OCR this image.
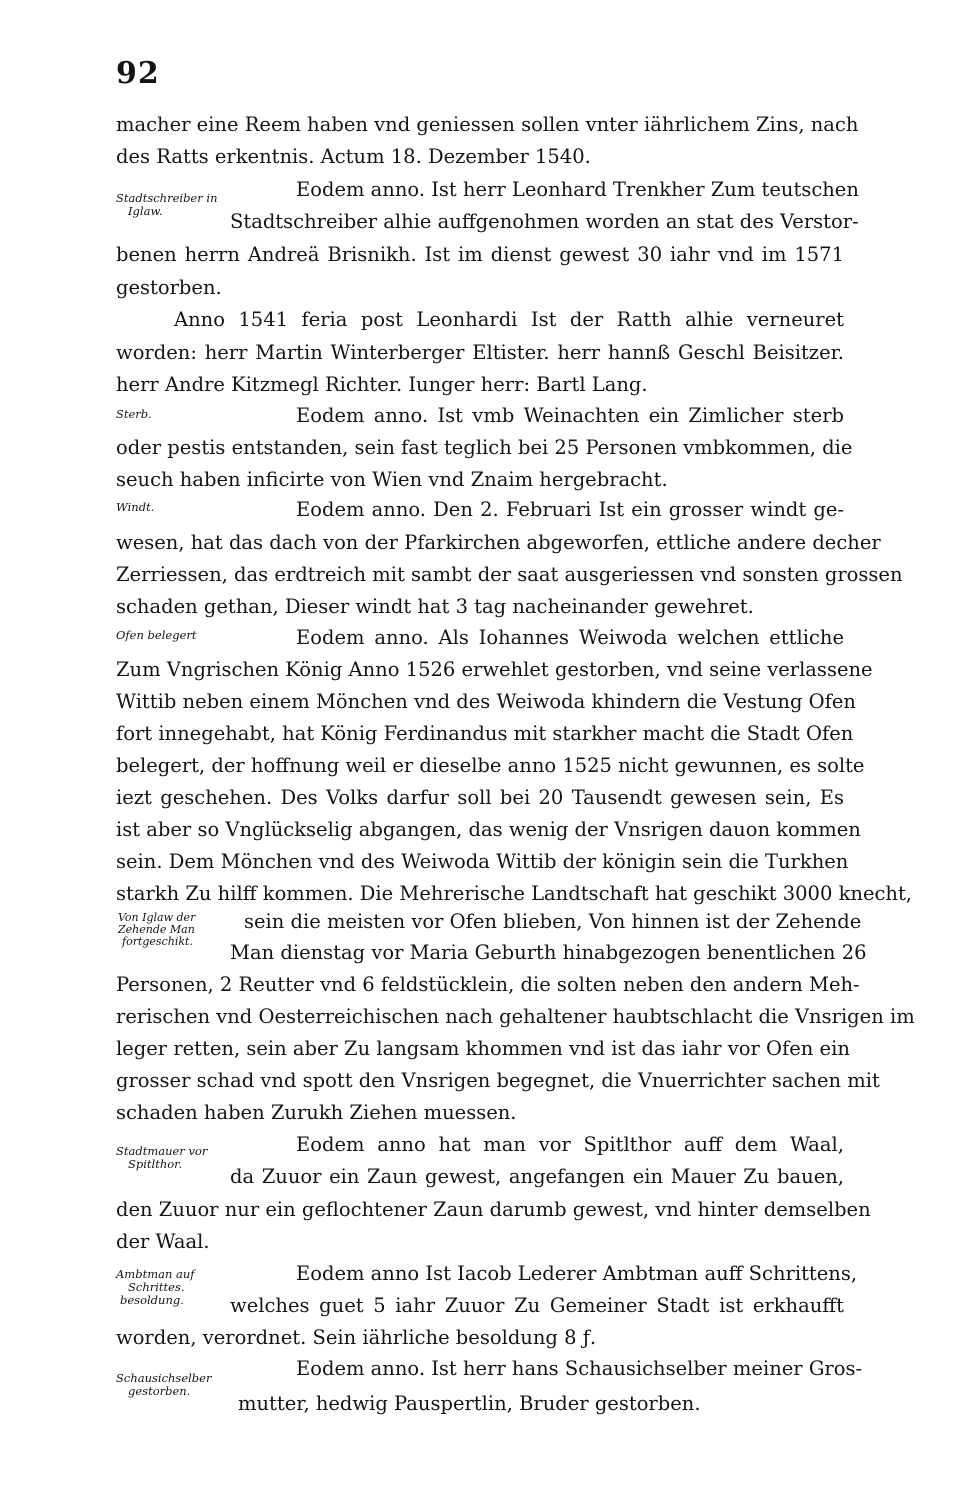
92
macher eine Reem haben vnd geniessen sollen vnter iährlichem Zins, nach
des Ratts erkentnis. Actum 18. Dezember 1540.
Stadtschreiber in
Iglaw.
Eodem anno. Ist herr Leonhard Trenkher Zum teutschen
Stadtschreiber alhie auffgenohmen worden an stat des Verstor-
benen herrn Andreä Brisnikh. Ist im dienst gewest 30 iahr vnd im 1571
gestorben.
Anno 1541 feria post Leonhardi Ist der Ratth alhie verneuret
worden: herr Martin Winterberger Eltister. herr hannß Geschl Beisitzer.
herr Andre Kitzmegl Richter. Iunger herr: Bartl Lang.
Sterb.	Eodem anno. Ist vmb Weinachten ein Zimlicher sterb
oder pestis entstanden, sein fast teglich bei 25 Personen vmbkommen, die
seuch haben inficirte von Wien vnd Znaim hergebracht.
Windt.	Eodem anno. Den 2. Februari Ist ein grosser windt ge-
wesen, hat das dach von der Pfarkirchen abgeworfen, ettliche andere decher
Zerriessen, das erdtreich mit sambt der saat ausgeriessen vnd sonsten grossen
schaden gethan, Dieser windt hat 3 tag nacheinander gewehret.
Ofen belegert	Eodem anno. Als Iohannes Weiwoda welchen ettliche
Zum Vngrischen König Anno 1526 erwehlet gestorben, vnd seine verlassene
Wittib neben einem Mönchen vnd des Weiwoda khindern die Vestung Ofen
fort innegehabt, hat König Ferdinandus mit starkher macht die Stadt Ofen
belegert, der hoffnung weil er dieselbe anno 1525 nicht gewunnen, es solte
iezt geschehen. Des Volks darfur soll bei 20 Tausendt gewesen sein, Es
ist aber so Vnglückselig abgangen, das wenig der Vnsrigen dauon kommen
sein. Dem Mönchen vnd des Weiwoda Wittib der königin sein die Turkhen
starkh Zu hilff kommen. Die Mehrerische Landtschaft hat geschikt 3000 knecht,
Von Iglaw der
Zehende Man
fortgeschikt.
sein die meisten vor Ofen blieben, Von hinnen ist der Zehende
Man dienstag vor Maria Geburth hinabgezogen benentlichen 26
Personen, 2 Reutter vnd 6 feldstücklein, die solten neben den andern Meh-
rerischen vnd Oesterreichischen nach gehaltener haubtschlacht die Vnsrigen im
leger retten, sein aber Zu langsam khommen vnd ist das iahr vor Ofen ein
grosser schad vnd spott den Vnsrigen begegnet, die Vnuerrichter sachen mit
schaden haben Zurukh Ziehen muessen.
Stadtmauer vor
Spitlthor.
Eodem anno hat man vor Spitlthor auff dem Waal,
da Zuuor ein Zaun gewest, angefangen ein Mauer Zu bauen,
den Zuuor nur ein geflochtener Zaun darumb gewest, vnd hinter demselben
der Waal.
Ambtman auf
Schrittes.
besoldung.
Eodem anno Ist Iacob Lederer Ambtman auff Schrittens,
welches guet 5 iahr Zuuor Zu Gemeiner Stadt ist erkhaufft
worden, verordnet. Sein iährliche besoldung 8 ƒ.
Schausichselber
gestorben.
Eodem anno. Ist herr hans Schausichselber meiner Gros-
mutter, hedwig Pauspertlin, Bruder gestorben.
